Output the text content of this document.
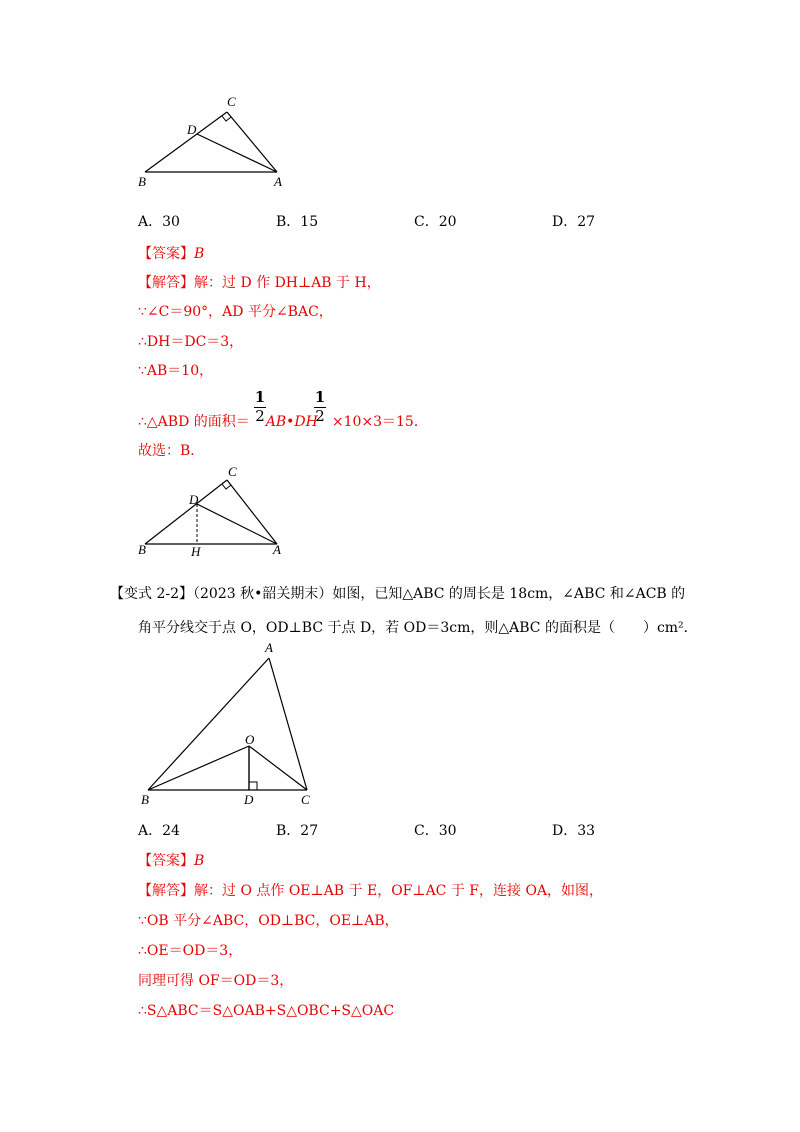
C
D
B	A
A．30	B．15	C．20	D．27
【答案】B
【解答】解：过 D 作 DH⊥AB 于 H，
∵∠C＝90°，AD 平分∠BAC，
∴DH＝DC＝3，
∵AB＝10，
∴△ABD 的面积＝ AB•DH ×10×3＝15．
1
2
1
2
故选：B．
C
D
B	H	A
【变式 2-2】（2023 秋•韶关期末）如图，已知△ABC 的周长是 18cm，∠ABC 和∠ACB 的
角平分线交于点 O，OD⊥BC 于点 D，若 OD＝3cm，则△ABC 的面积是（　　）cm²．
A
O
B	D	C
A．24	B．27	C．30	D．33
【答案】B
【解答】解：过 O 点作 OE⊥AB 于 E，OF⊥AC 于 F，连接 OA，如图，
∵OB 平分∠ABC，OD⊥BC，OE⊥AB，
∴OE＝OD＝3，
同理可得 OF＝OD＝3，
∴S△ABC＝S△OAB+S△OBC+S△OAC
